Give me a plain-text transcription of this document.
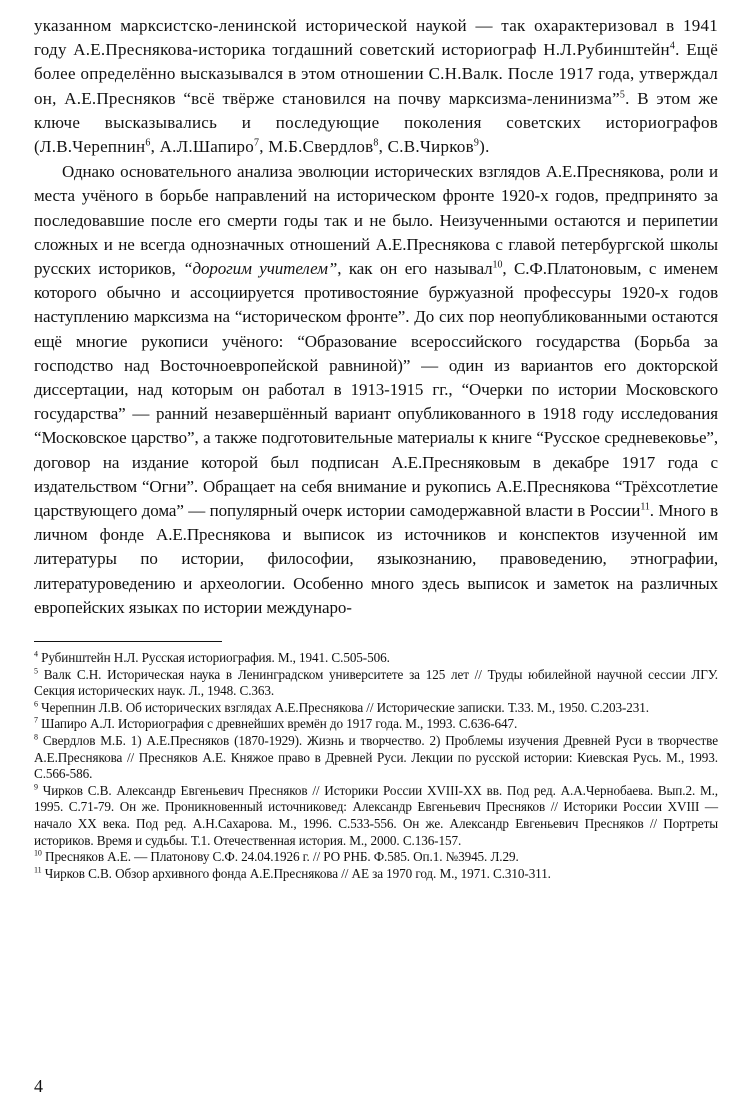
указанном марксистско-ленинской исторической наукой — так охарактеризовал в 1941 году А.Е.Преснякова-историка тогдашний советский историограф Н.Л.Рубинштейн$^4$. Ещё более определённо высказывался в этом отношении С.Н.Валк. После 1917 года, утверждал он, А.Е.Пресняков “всё твёрже становился на почву марксизма-ленинизма”$^5$. В этом же ключе высказывались и последующие поколения советских историографов (Л.В.Черепнин$^6$, А.Л.Шапиро$^7$, М.Б.Свердлов$^8$, С.В.Чирков$^9$).

Однако основательного анализа эволюции исторических взглядов А.Е.Преснякова, роли и места учёного в борьбе направлений на историческом фронте 1920-х годов, предпринято за последовавшие после его смерти годы так и не было. Неизученными остаются и перипетии сложных и не всегда однозначных отношений А.Е.Преснякова с главой петербургской школы русских историков, “дорогим учителем”, как он его называл$^{10}$, С.Ф.Платоновым, с именем которого обычно и ассоциируется противостояние буржуазной профессуры 1920-х годов наступлению марксизма на “историческом фронте”. До сих пор неопубликованными остаются ещё многие рукописи учёного: “Образование всероссийского государства (Борьба за господство над Восточноевропейской равниной)” — один из вариантов его докторской диссертации, над которым он работал в 1913-1915 гг., “Очерки по истории Московского государства” — ранний незавершённый вариант опубликованного в 1918 году исследования “Московское царство”, а также подготовительные материалы к книге “Русское средневековье”, договор на издание которой был подписан А.Е.Пресняковым в декабре 1917 года с издательством “Огни”. Обращает на себя внимание и рукопись А.Е.Преснякова “Трёхсотлетие царствующего дома” — популярный очерк истории самодержавной власти в России$^{11}$. Много в личном фонде А.Е.Преснякова и выписок из источников и конспектов изученной им литературы по истории, философии, языкознанию, правоведению, этнографии, литературоведению и археологии. Особенно много здесь выписок и заметок на различных европейских языках по истории междунаро-

$^4$ Рубинштейн Н.Л. Русская историография. М., 1941. С.505-506.

$^5$ Валк С.Н. Историческая наука в Ленинградском университете за 125 лет // Труды юбилейной научной сессии ЛГУ. Секция исторических наук. Л., 1948. С.363.

$^6$ Черепнин Л.В. Об исторических взглядах А.Е.Преснякова // Исторические записки. Т.33. М., 1950. С.203-231.

$^7$ Шапиро А.Л. Историография с древнейших времён до 1917 года. М., 1993. С.636-647.

$^8$ Свердлов М.Б. 1) А.Е.Пресняков (1870-1929). Жизнь и творчество. 2) Проблемы изучения Древней Руси в творчестве А.Е.Преснякова // Пресняков А.Е. Княжое право в Древней Руси. Лекции по русской истории: Киевская Русь. М., 1993. С.566-586.

$^9$ Чирков С.В. Александр Евгеньевич Пресняков // Историки России XVIII-XX вв. Под ред. А.А.Чернобаева. Вып.2. М., 1995. С.71-79. Он же. Проникновенный источниковед: Александр Евгеньевич Пресняков // Историки России XVIII — начало XX века. Под ред. А.Н.Сахарова. М., 1996. С.533-556. Он же. Александр Евгеньевич Пресняков // Портреты историков. Время и судьбы. Т.1. Отечественная история. М., 2000. С.136-157.

$^{10}$ Пресняков А.Е. — Платонову С.Ф. 24.04.1926 г. // РО РНБ. Ф.585. Оп.1. №3945. Л.29.

$^{11}$ Чирков С.В. Обзор архивного фонда А.Е.Преснякова // АЕ за 1970 год. М., 1971. С.310-311.

4
